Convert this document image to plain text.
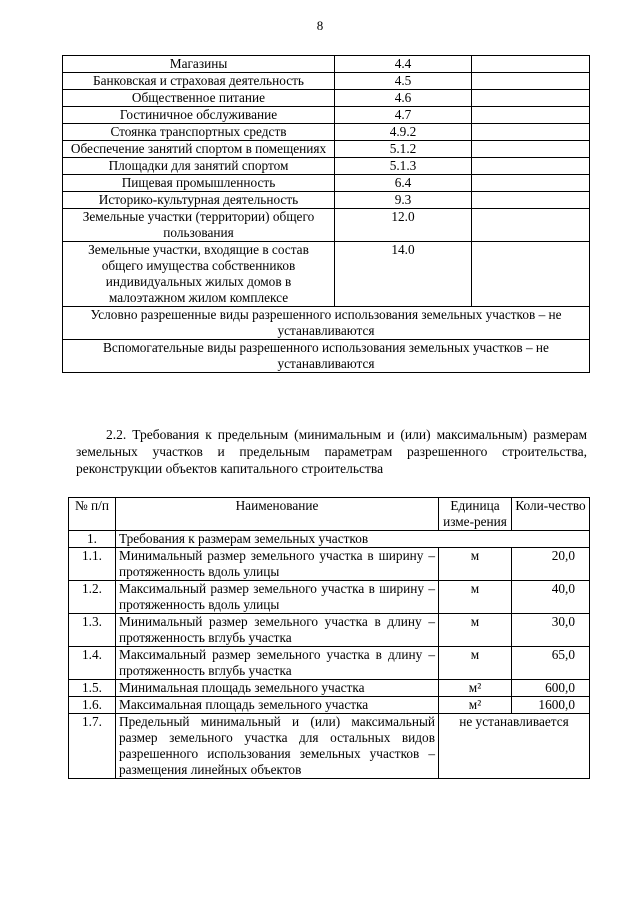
8
Магазины	4.4	
Банковская и страховая деятельность	4.5	
Общественное питание	4.6	
Гостиничное обслуживание	4.7	
Стоянка транспортных средств	4.9.2	
Обеспечение занятий спортом в помещениях	5.1.2	
Площадки для занятий спортом	5.1.3	
Пищевая промышленность	6.4	
Историко-культурная деятельность	9.3	
Земельные участки (территории) общего пользования	12.0	
Земельные участки, входящие в состав общего имущества собственников индивидуальных жилых домов в малоэтажном жилом комплексе	14.0	
Условно разрешенные виды разрешенного использования земельных участков – не устанавливаются		
Вспомогательные виды разрешенного использования земельных участков – не устанавливаются		
2.2. Требования к предельным (минимальным и (или) максимальным) размерам земельных участков и предельным параметрам разрешенного строительства, реконструкции объектов капитального строительства
№ п/п	Наименование	Единица изме-рения	Коли-чество
1.	Требования к размерам земельных участков		
1.1.	Минимальный размер земельного участка в ширину – протяженность вдоль улицы	м	20,0
1.2.	Максимальный размер земельного участка в ширину – протяженность вдоль улицы	м	40,0
1.3.	Минимальный размер земельного участка в длину – протяженность вглубь участка	м	30,0
1.4.	Максимальный размер земельного участка в длину – протяженность вглубь участка	м	65,0
1.5.	Минимальная площадь земельного участка	м²	600,0
1.6.	Максимальная площадь земельного участка	м²	1600,0
1.7.	Предельный минимальный и (или) максимальный размер земельного участка для остальных видов разрешенного использования земельных участков – размещения линейных объектов	не устанавливается	
